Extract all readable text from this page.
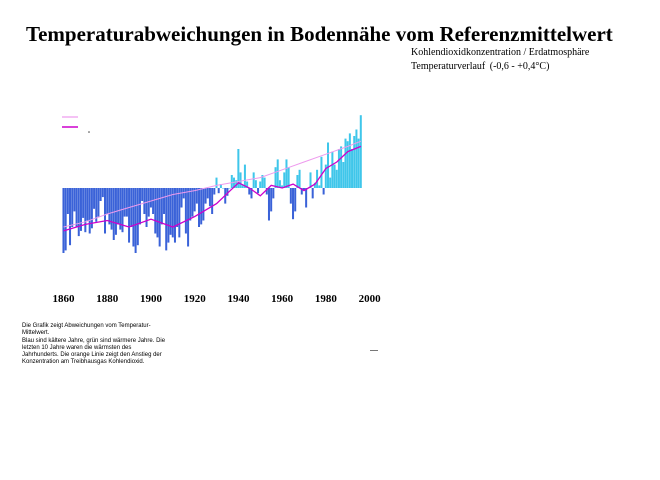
Temperaturabweichungen in Bodennähe vom Referenzmittelwert
Kohlendioxidkonzentration / Erdatmosphäre
Temperaturverlauf (-0,6 - +0,4°C)
1860 1880 1900 1920 1940 1960 1980 2000
Die Grafik zeigt Abweichungen vom Temperatur-
Mittelwert.
Blau sind kältere Jahre, grün sind wärmere Jahre. Die
letzten 10 Jahre waren die wärmsten des
Jahrhunderts. Die orange Linie zeigt den Anstieg der
Konzentration am Treibhausgas Kohlendioxid.
